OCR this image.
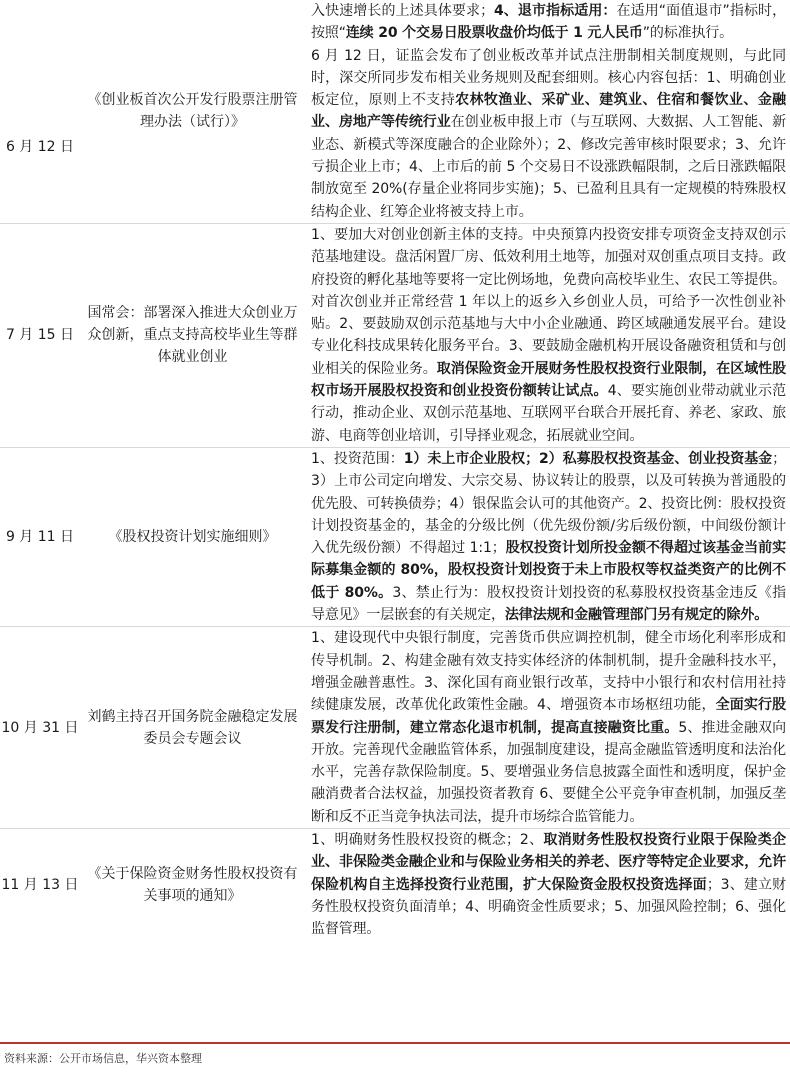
6 月 12 日	《创业板首次公开发行股票注册管理办法（试行）》	入快速增长的上述具体要求；4、退市指标适用：在适用“面值退市”指标时，按照“连续 20 个交易日股票收盘价均低于 1 元人民币”的标准执行。

6 月 12 日，证监会发布了创业板改革并试点注册制相关制度规则，与此同时，深交所同步发布相关业务规则及配套细则。核心内容包括：1、明确创业板定位，原则上不支持农林牧渔业、采矿业、建筑业、住宿和餐饮业、金融业、房地产等传统行业在创业板申报上市（与互联网、大数据、人工智能、新业态、新模式等深度融合的企业除外）；2、修改完善审核时限要求；3、允许亏损企业上市；4、上市后的前 5 个交易日不设涨跌幅限制，之后日涨跌幅限制放宽至 20%(存量企业将同步实施)；5、已盈利且具有一定规模的特殊股权结构企业、红筹企业将被支持上市。

7 月 15 日	国常会：部署深入推进大众创业万众创新，重点支持高校毕业生等群体就业创业	1、要加大对创业创新主体的支持。中央预算内投资安排专项资金支持双创示范基地建设。盘活闲置厂房、低效利用土地等，加强对双创重点项目支持。政府投资的孵化基地等要将一定比例场地，免费向高校毕业生、农民工等提供。对首次创业并正常经营 1 年以上的返乡入乡创业人员，可给予一次性创业补贴。2、要鼓励双创示范基地与大中小企业融通、跨区域融通发展平台。建设专业化科技成果转化服务平台。3、要鼓励金融机构开展设备融资租赁和与创业相关的保险业务。取消保险资金开展财务性股权投资行业限制，在区域性股权市场开展股权投资和创业投资份额转让试点。4、要实施创业带动就业示范行动，推动企业、双创示范基地、互联网平台联合开展托育、养老、家政、旅游、电商等创业培训，引导择业观念，拓展就业空间。

9 月 11 日	《股权投资计划实施细则》	1、投资范围：1）未上市企业股权；2）私募股权投资基金、创业投资基金；3）上市公司定向增发、大宗交易、协议转让的股票，以及可转换为普通股的优先股、可转换债券；4）银保监会认可的其他资产。2、投资比例：股权投资计划投资基金的，基金的分级比例（优先级份额/劣后级份额，中间级份额计入优先级份额）不得超过 1:1；股权投资计划所投金额不得超过该基金当前实际募集金额的 80%，股权投资计划投资于未上市股权等权益类资产的比例不低于 80%。3、禁止行为：股权投资计划投资的私募股权投资基金违反《指导意见》一层嵌套的有关规定，法律法规和金融管理部门另有规定的除外。

10 月 31 日	刘鹤主持召开国务院金融稳定发展委员会专题会议	1、建设现代中央银行制度，完善货币供应调控机制，健全市场化利率形成和传导机制。2、构建金融有效支持实体经济的体制机制，提升金融科技水平，增强金融普惠性。3、深化国有商业银行改革，支持中小银行和农村信用社持续健康发展，改革优化政策性金融。4、增强资本市场枢纽功能，全面实行股票发行注册制，建立常态化退市机制，提高直接融资比重。5、推进金融双向开放。完善现代金融监管体系，加强制度建设，提高金融监管透明度和法治化水平，完善存款保险制度。5、要增强业务信息披露全面性和透明度，保护金融消费者合法权益，加强投资者教育 6、要健全公平竞争审查机制，加强反垄断和反不正当竞争执法司法，提升市场综合监管能力。

11 月 13 日	《关于保险资金财务性股权投资有关事项的通知》	1、明确财务性股权投资的概念；2、取消财务性股权投资行业限于保险类企业、非保险类金融企业和与保险业务相关的养老、医疗等特定企业要求，允许保险机构自主选择投资行业范围，扩大保险资金股权投资选择面；3、建立财务性股权投资负面清单；4、明确资金性质要求；5、加强风险控制；6、强化监督管理。

资料来源：公开市场信息，华兴资本整理
